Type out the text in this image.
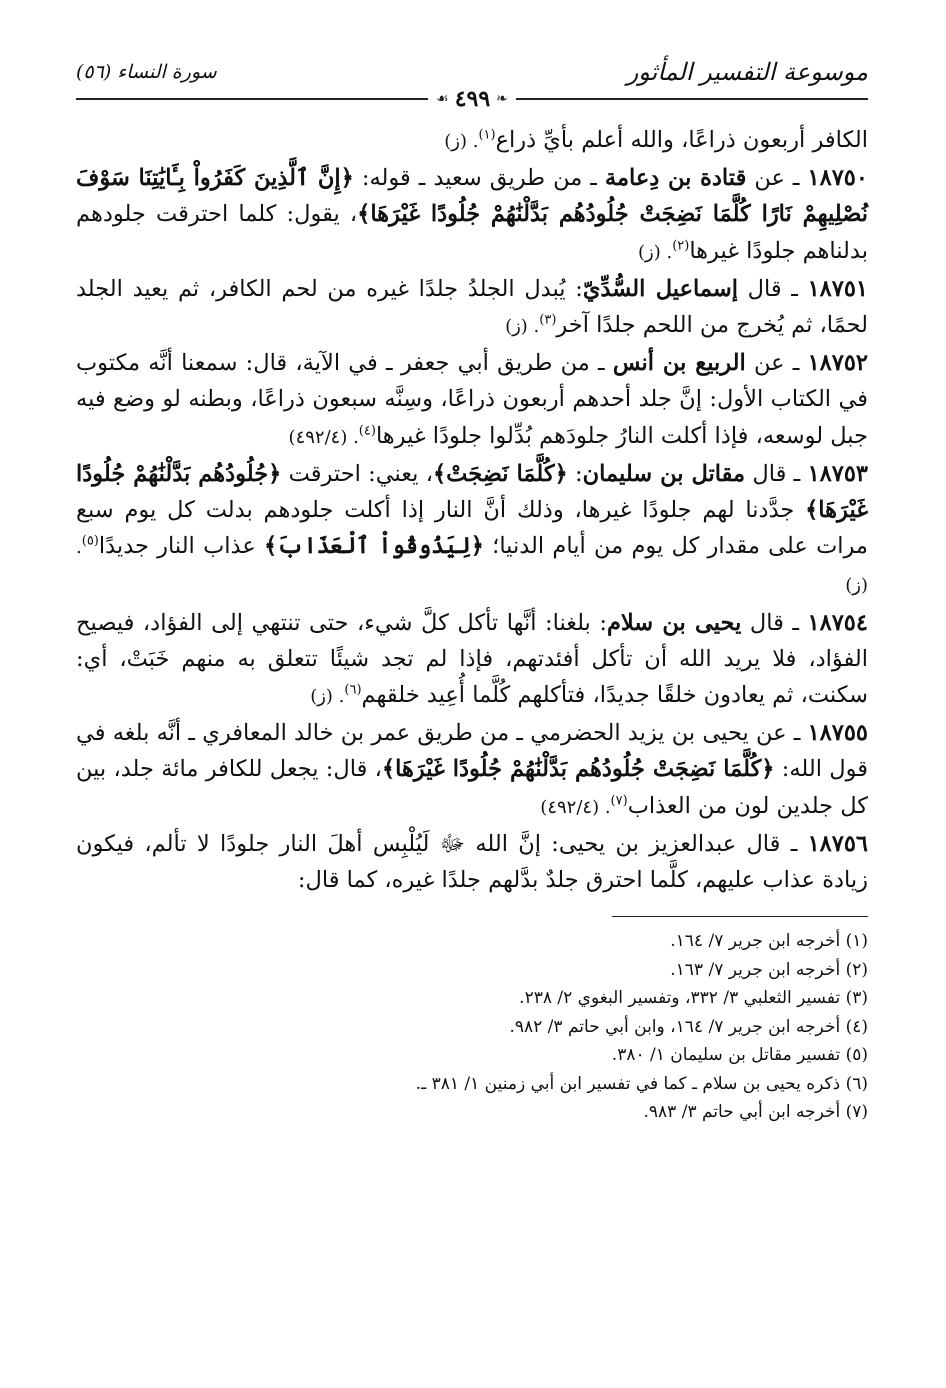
موسوعة التفسير المأثور
سورة النساء (٥٦)
❧
٤٩٩
☙

الكافر أربعون ذراعًا، والله أعلم بأيِّ ذراع$^{(١)}$. (ز)

١٨٧٥٠ ـ عن قتادة بن دِعامة ـ من طريق سعيد ـ قوله: ﴿إِنَّ ٱلَّذِينَ كَفَرُواْ بِـَٔايَٰتِنَا سَوْفَ نُصْلِيهِمْ نَارًا كُلَّمَا نَضِجَتْ جُلُودُهُم بَدَّلْنَٰهُمْ جُلُودًا غَيْرَهَا﴾، يقول: كلما احترقت جلودهم بدلناهم جلودًا غيرها$^{(٢)}$. (ز)

١٨٧٥١ ـ قال إسماعيل السُّدِّيّ: يُبدل الجلدُ جلدًا غيره من لحم الكافر، ثم يعيد الجلد لحمًا، ثم يُخرج من اللحم جلدًا آخر$^{(٣)}$. (ز)

١٨٧٥٢ ـ عن الربيع بن أنس ـ من طريق أبي جعفر ـ في الآية، قال: سمعنا أنَّه مكتوب في الكتاب الأول: إنَّ جلد أحدهم أربعون ذراعًا، وسِنَّه سبعون ذراعًا، وبطنه لو وضع فيه جبل لوسعه، فإذا أكلت النارُ جلودَهم بُدِّلوا جلودًا غيرها$^{(٤)}$. (٤٩٢/٤)

١٨٧٥٣ ـ قال مقاتل بن سليمان: ﴿كُلَّمَا نَضِجَتْ﴾، يعني: احترقت ﴿جُلُودُهُم بَدَّلْنَٰهُمْ جُلُودًا غَيْرَهَا﴾ جدَّدنا لهم جلودًا غيرها، وذلك أنَّ النار إذا أكلت جلودهم بدلت كل يوم سبع مرات على مقدار كل يوم من أيام الدنيا؛ ﴿لِيَذُوقُواْ ٱلْعَذَابَ﴾ عذاب النار جديدًا$^{(٥)}$. (ز)

١٨٧٥٤ ـ قال يحيى بن سلام: بلغنا: أنَّها تأكل كلَّ شيء، حتى تنتهي إلى الفؤاد، فيصيح الفؤاد، فلا يريد الله أن تأكل أفئدتهم، فإذا لم تجد شيئًا تتعلق به منهم خَبَتْ، أي: سكنت، ثم يعادون خلقًا جديدًا، فتأكلهم كُلَّما أُعِيد خلقهم$^{(٦)}$. (ز)

١٨٧٥٥ ـ عن يحيى بن يزيد الحضرمي ـ من طريق عمر بن خالد المعافري ـ أنَّه بلغه في قول الله: ﴿كُلَّمَا نَضِجَتْ جُلُودُهُم بَدَّلْنَٰهُمْ جُلُودًا غَيْرَهَا﴾، قال: يجعل للكافر مائة جلد، بين كل جلدين لون من العذاب$^{(٧)}$. (٤٩٢/٤)

١٨٧٥٦ ـ قال عبدالعزيز بن يحيى: إنَّ الله ﷻ لَيُلْبِس أهلَ النار جلودًا لا تألم، فيكون زيادة عذاب عليهم، كلَّما احترق جلدٌ بدَّلهم جلدًا غيره، كما قال:

(١) أخرجه ابن جرير ٧/ ١٦٤.
(٢) أخرجه ابن جرير ٧/ ١٦٣.
(٣) تفسير الثعلبي ٣/ ٣٣٢، وتفسير البغوي ٢/ ٢٣٨.
(٤) أخرجه ابن جرير ٧/ ١٦٤، وابن أبي حاتم ٣/ ٩٨٢.
(٥) تفسير مقاتل بن سليمان ١/ ٣٨٠.
(٦) ذكره يحيى بن سلام ـ كما في تفسير ابن أبي زمنين ١/ ٣٨١ ـ.
(٧) أخرجه ابن أبي حاتم ٣/ ٩٨٣.
